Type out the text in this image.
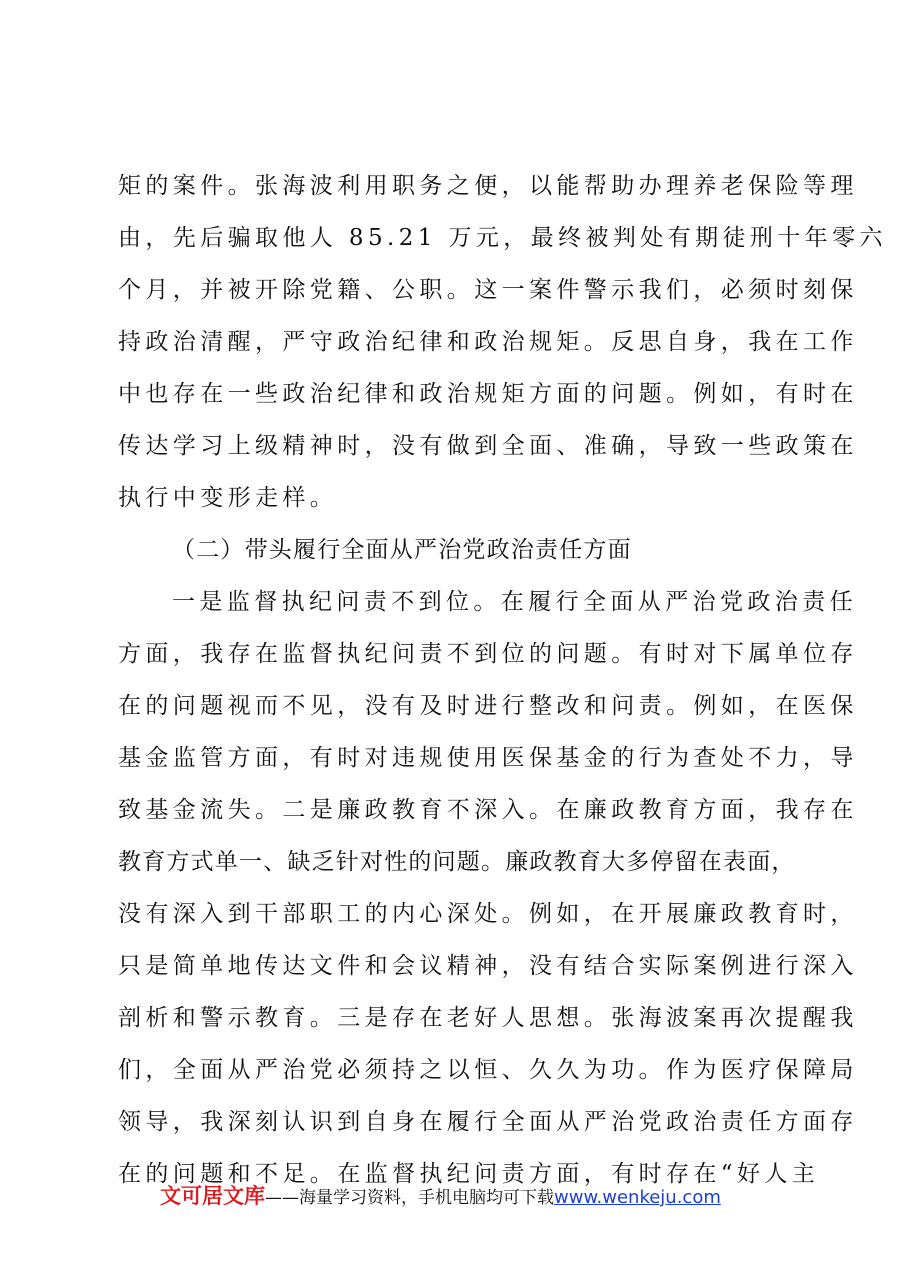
矩的案件。张海波利用职务之便，以能帮助办理养老保险等理
由，先后骗取他人 85.21 万元，最终被判处有期徒刑十年零六
个月，并被开除党籍、公职。这一案件警示我们，必须时刻保
持政治清醒，严守政治纪律和政治规矩。反思自身，我在工作
中也存在一些政治纪律和政治规矩方面的问题。例如，有时在
传达学习上级精神时，没有做到全面、准确，导致一些政策在
执行中变形走样。
（二）带头履行全面从严治党政治责任方面
一是监督执纪问责不到位。在履行全面从严治党政治责任
方面，我存在监督执纪问责不到位的问题。有时对下属单位存
在的问题视而不见，没有及时进行整改和问责。例如，在医保
基金监管方面，有时对违规使用医保基金的行为查处不力，导
致基金流失。二是廉政教育不深入。在廉政教育方面，我存在
教育方式单一、缺乏针对性的问题。廉政教育大多停留在表面，
没有深入到干部职工的内心深处。例如，在开展廉政教育时，
只是简单地传达文件和会议精神，没有结合实际案例进行深入
剖析和警示教育。三是存在老好人思想。张海波案再次提醒我
们，全面从严治党必须持之以恒、久久为功。作为医疗保障局
领导，我深刻认识到自身在履行全面从严治党政治责任方面存
在的问题和不足。在监督执纪问责方面，有时存在“好人主
文可居文库——海量学习资料，手机电脑均可下载www.wenkeju.com
